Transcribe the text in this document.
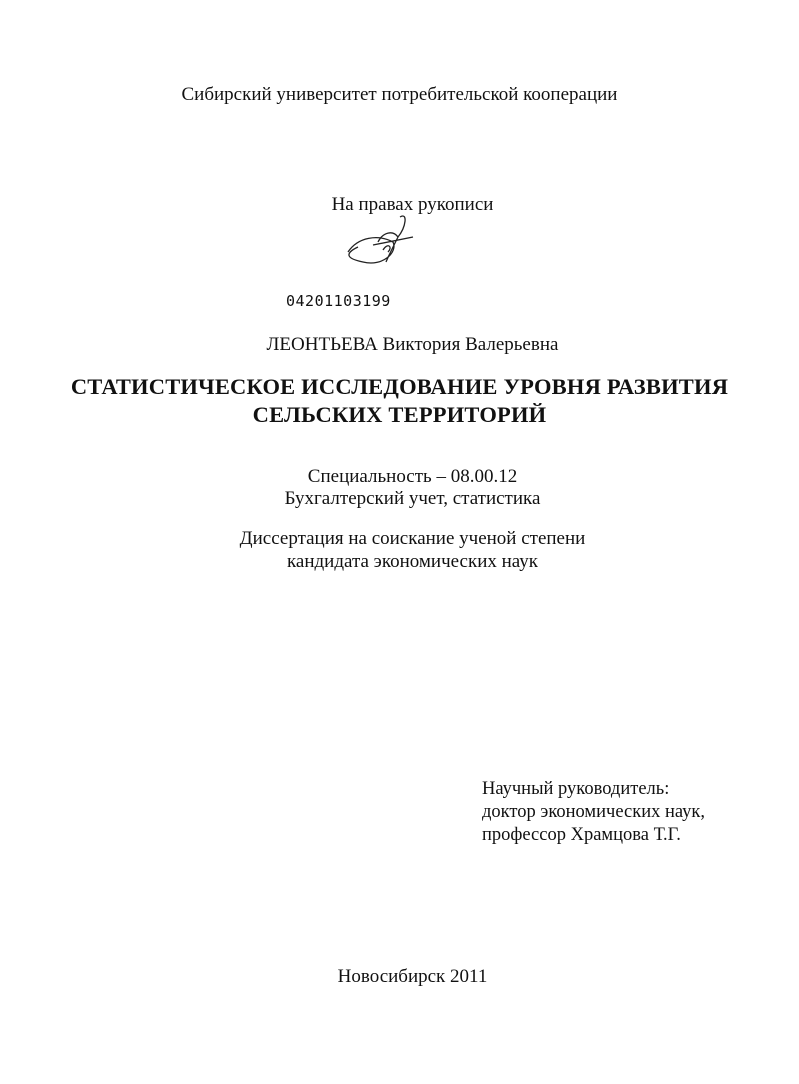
Сибирский университет потребительской кооперации
На правах рукописи
04201103199
ЛЕОНТЬЕВА Виктория Валерьевна
СТАТИСТИЧЕСКОЕ ИССЛЕДОВАНИЕ УРОВНЯ РАЗВИТИЯ
СЕЛЬСКИХ ТЕРРИТОРИЙ
Специальность – 08.00.12
Бухгалтерский учет, статистика
Диссертация на соискание ученой степени
кандидата экономических наук
Научный руководитель:
доктор экономических наук,
профессор Храмцова Т.Г.
Новосибирск 2011
